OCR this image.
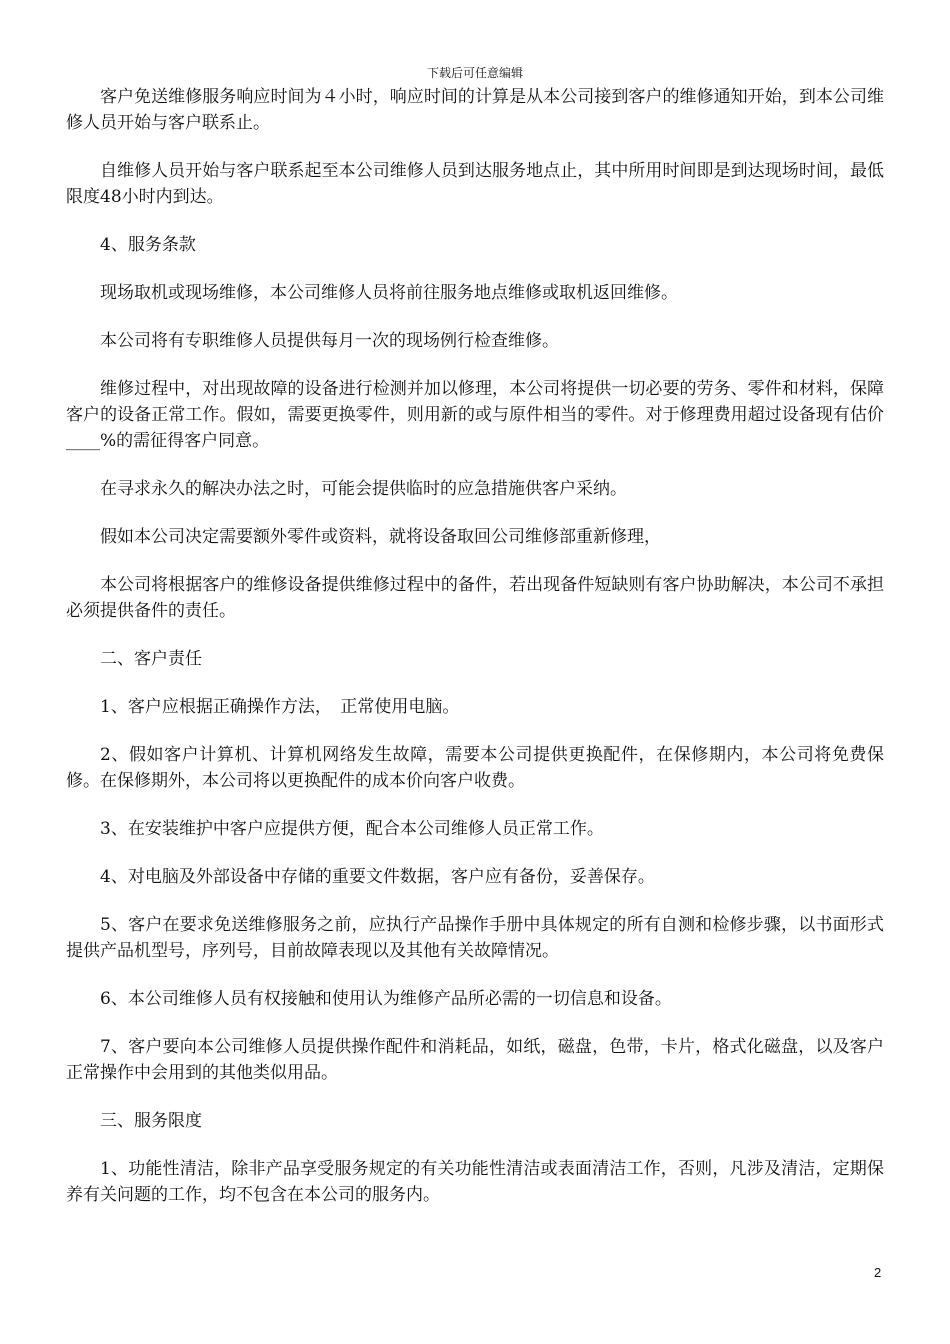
下载后可任意编辑

客户免送维修服务响应时间为４小时，响应时间的计算是从本公司接到客户的维修通知开始，到本公司维修人员开始与客户联系止。

自维修人员开始与客户联系起至本公司维修人员到达服务地点止，其中所用时间即是到达现场时间，最低限度48小时内到达。

4、服务条款

现场取机或现场维修，本公司维修人员将前往服务地点维修或取机返回维修。

本公司将有专职维修人员提供每月一次的现场例行检查维修。

维修过程中，对出现故障的设备进行检测并加以修理，本公司将提供一切必要的劳务、零件和材料，保障客户的设备正常工作。假如，需要更换零件，则用新的或与原件相当的零件。对于修理费用超过设备现有估价____%的需征得客户同意。

在寻求永久的解决办法之时，可能会提供临时的应急措施供客户采纳。

假如本公司决定需要额外零件或资料，就将设备取回公司维修部重新修理，

本公司将根据客户的维修设备提供维修过程中的备件，若出现备件短缺则有客户协助解决，本公司不承担必须提供备件的责任。

二、客户责任

1、客户应根据正确操作方法，　正常使用电脑。

2、假如客户计算机、计算机网络发生故障，需要本公司提供更换配件，在保修期内，本公司将免费保修。在保修期外，本公司将以更换配件的成本价向客户收费。

3、在安装维护中客户应提供方便，配合本公司维修人员正常工作。

4、对电脑及外部设备中存储的重要文件数据，客户应有备份，妥善保存。

5、客户在要求免送维修服务之前，应执行产品操作手册中具体规定的所有自测和检修步骤，以书面形式提供产品机型号，序列号，目前故障表现以及其他有关故障情况。

6、本公司维修人员有权接触和使用认为维修产品所必需的一切信息和设备。

7、客户要向本公司维修人员提供操作配件和消耗品，如纸，磁盘，色带，卡片，格式化磁盘，以及客户正常操作中会用到的其他类似用品。

三、服务限度

1、功能性清洁，除非产品享受服务规定的有关功能性清洁或表面清洁工作，否则，凡涉及清洁，定期保养有关问题的工作，均不包含在本公司的服务内。

2
